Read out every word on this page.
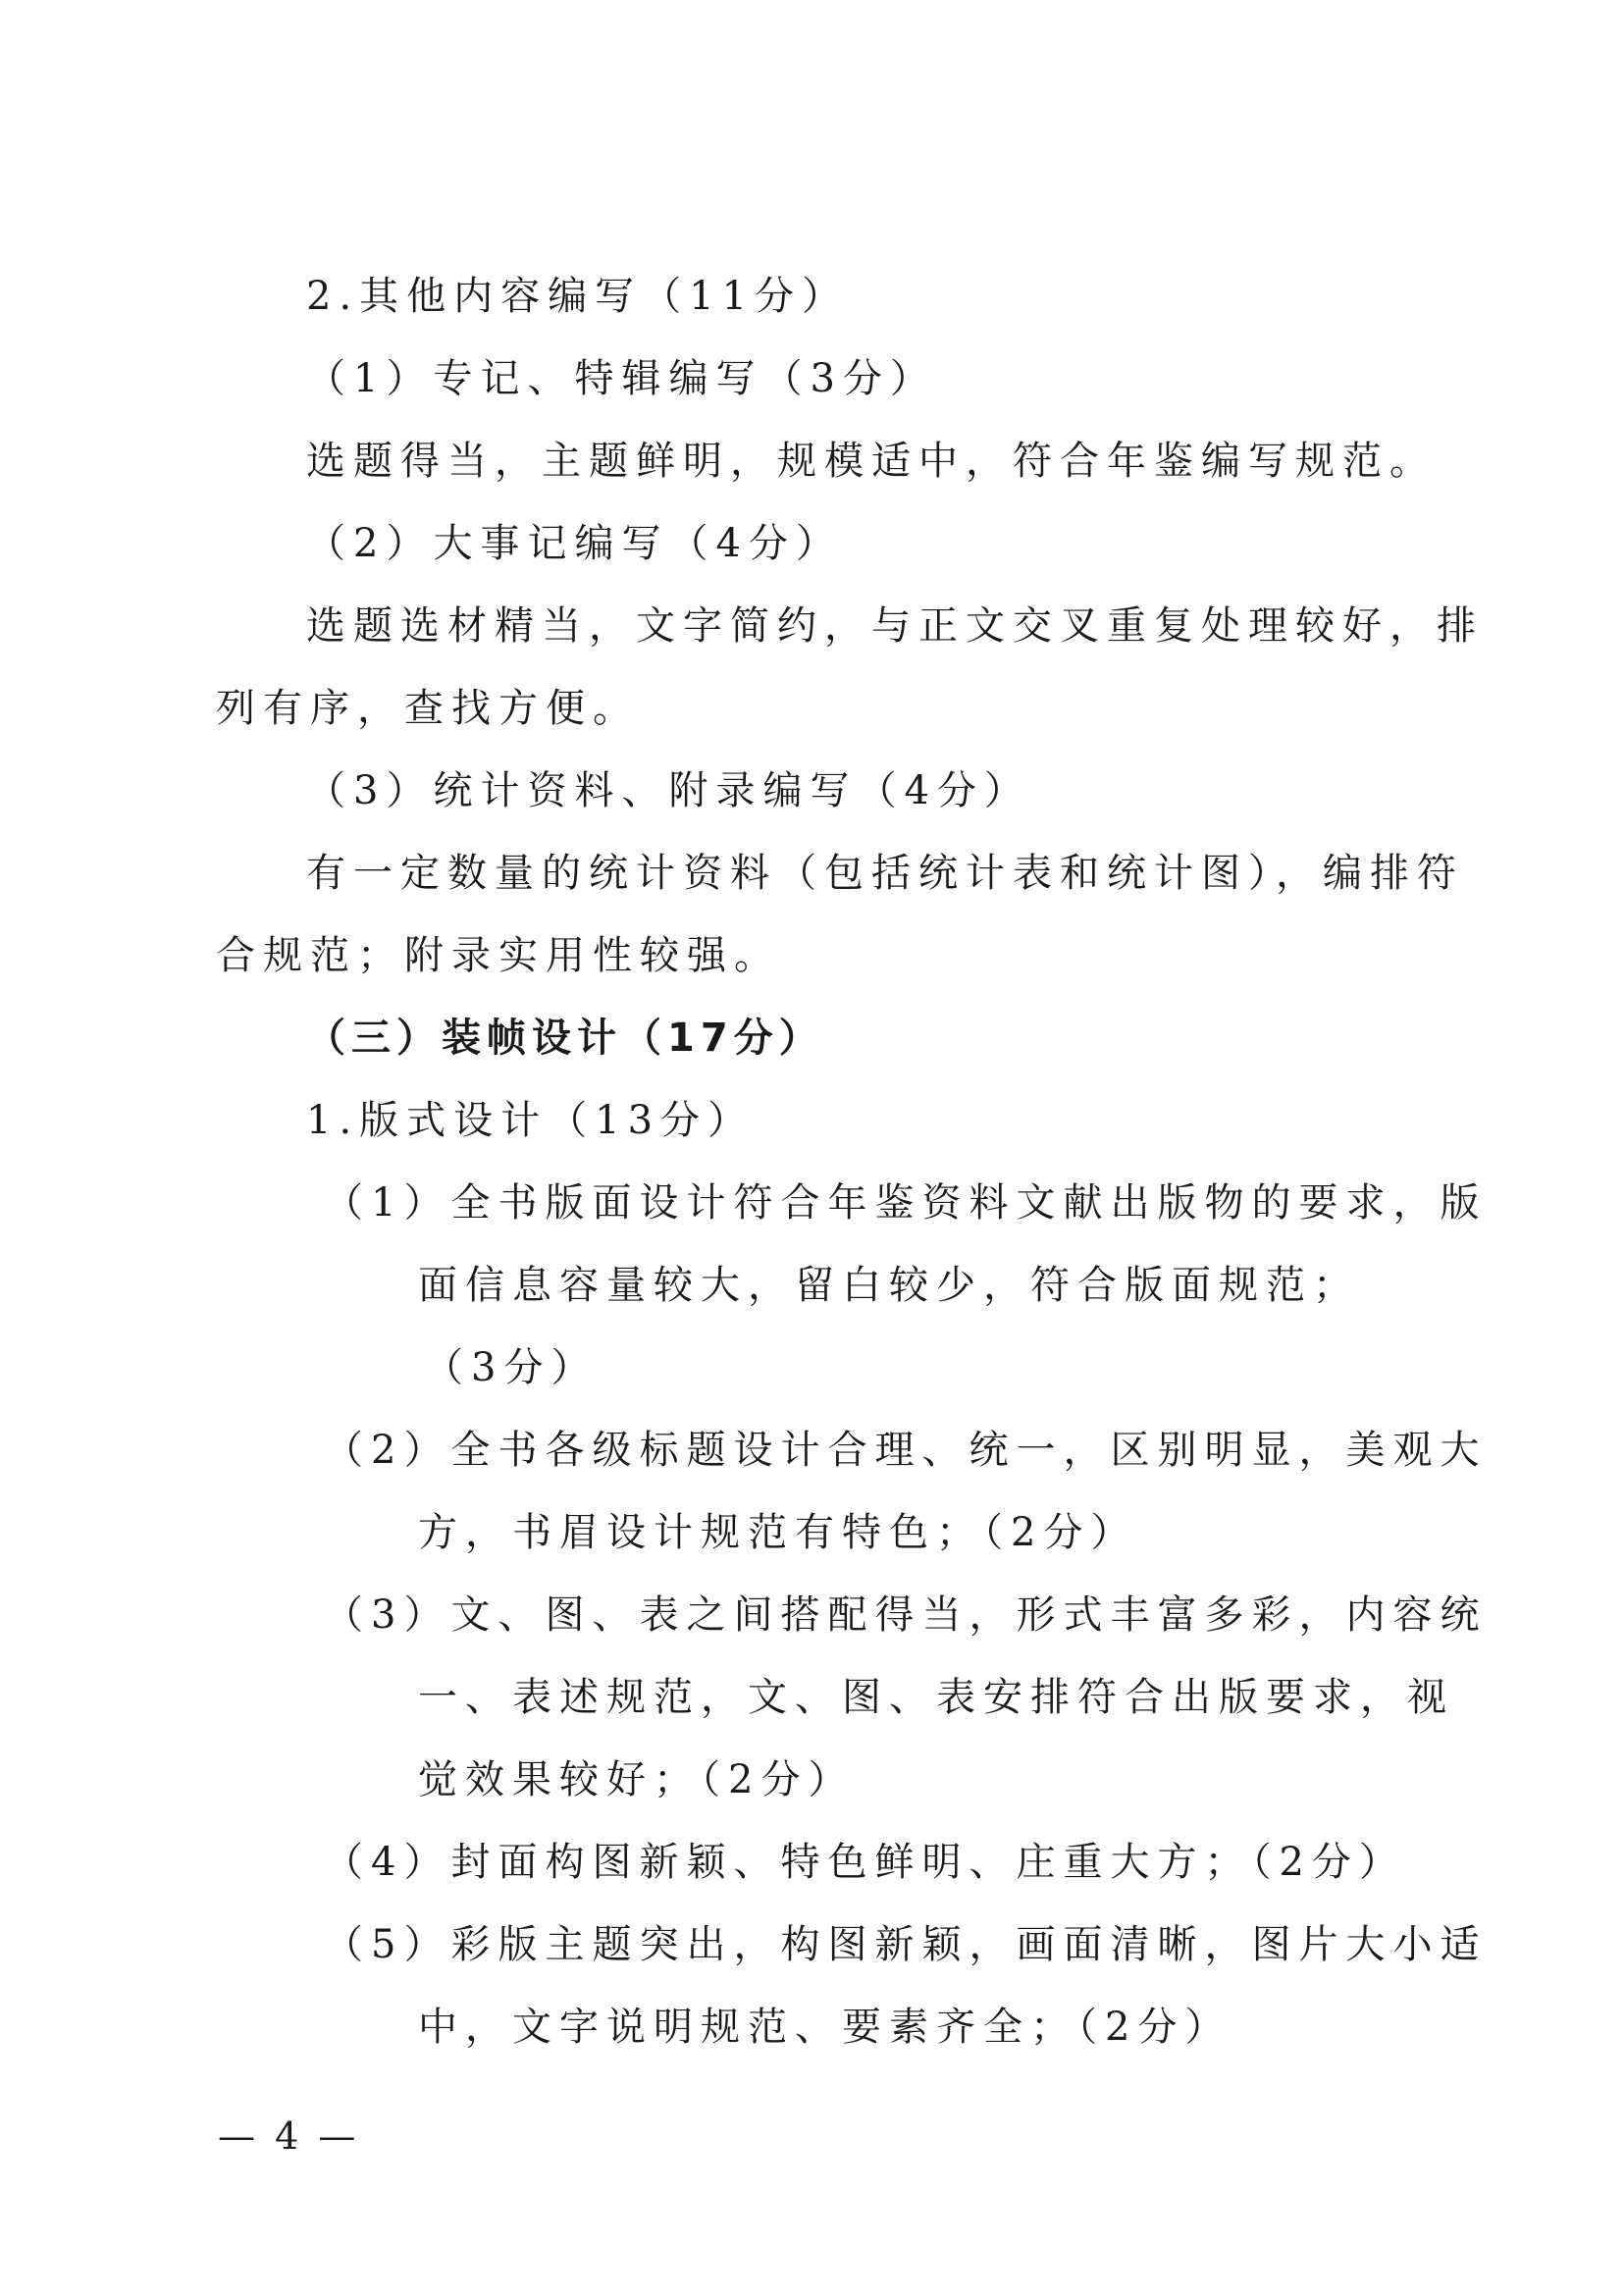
2.其他内容编写（11分）
（1）专记、特辑编写（3分）
选题得当，主题鲜明，规模适中，符合年鉴编写规范。
（2）大事记编写（4分）
选题选材精当，文字简约，与正文交叉重复处理较好，排
列有序，查找方便。
（3）统计资料、附录编写（4分）
有一定数量的统计资料（包括统计表和统计图），编排符
合规范；附录实用性较强。
（三）装帧设计（17分）
1.版式设计（13分）
（1）全书版面设计符合年鉴资料文献出版物的要求，版
面信息容量较大，留白较少，符合版面规范；
（3分）
（2）全书各级标题设计合理、统一，区别明显，美观大
方，书眉设计规范有特色；（2分）
（3）文、图、表之间搭配得当，形式丰富多彩，内容统
一、表述规范，文、图、表安排符合出版要求，视
觉效果较好；（2分）
（4）封面构图新颖、特色鲜明、庄重大方；（2分）
（5）彩版主题突出，构图新颖，画面清晰，图片大小适
中，文字说明规范、要素齐全；（2分）
— 4 —
